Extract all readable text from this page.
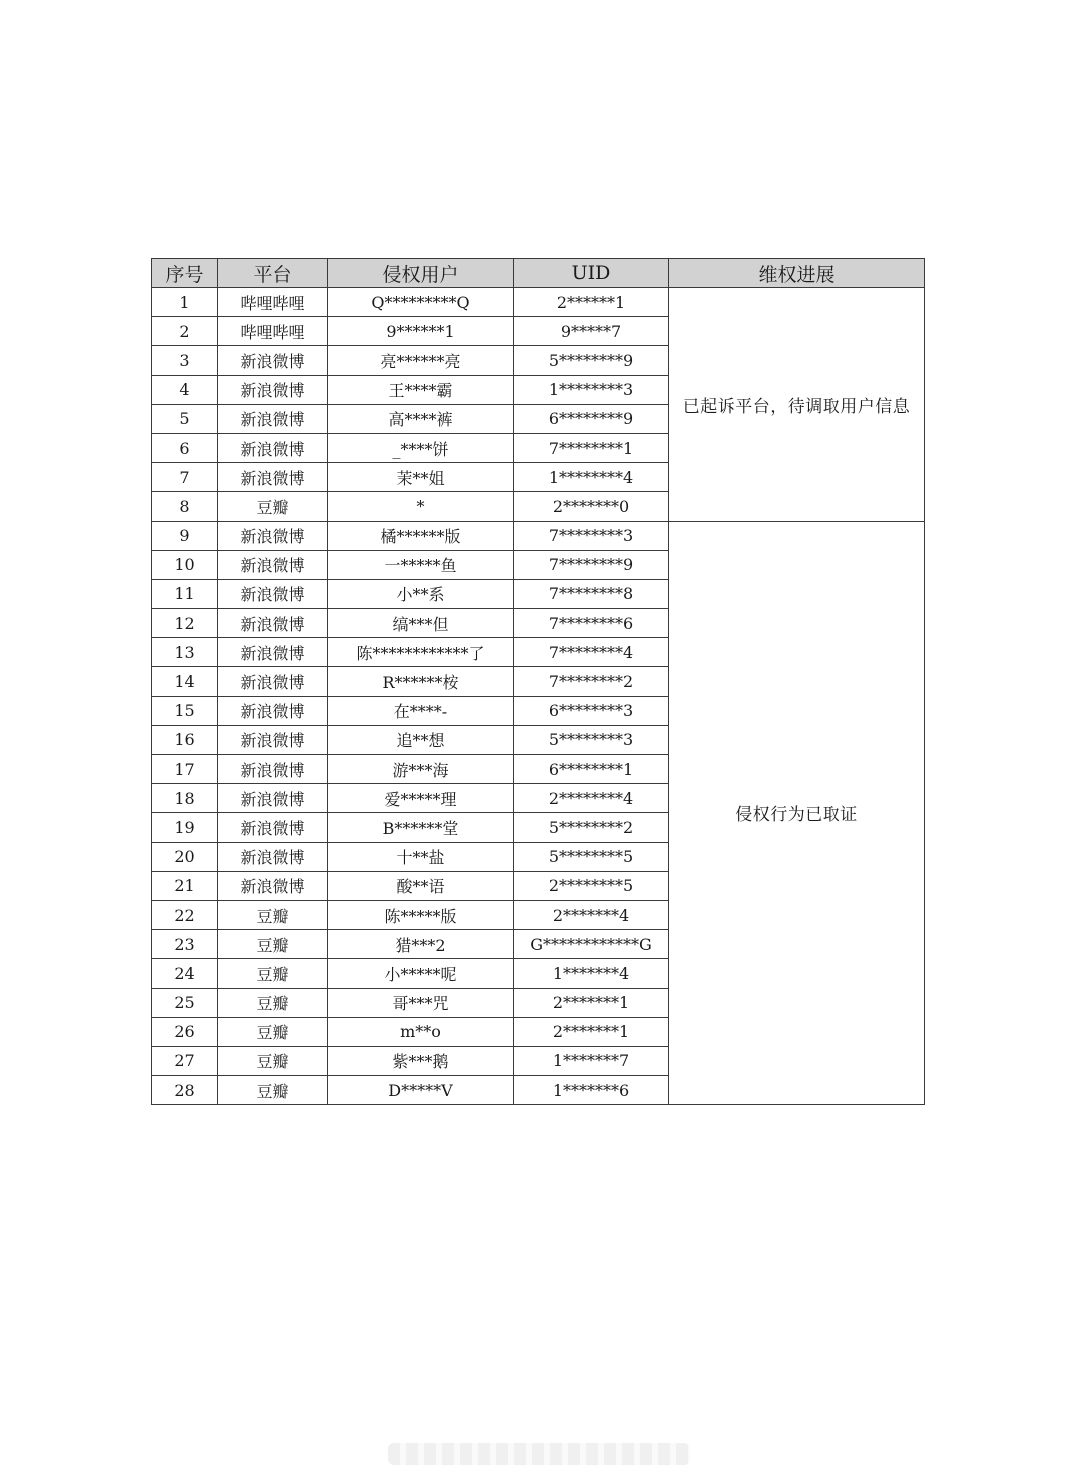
序号	平台	侵权用户	UID	维权进展
1	哔哩哔哩	Q*********Q	2******1	已起诉平台，待调取用户信息
2	哔哩哔哩	9******1	9*****7	
3	新浪微博	亮******亮	5********9	
4	新浪微博	王****霸	1********3	
5	新浪微博	高****裤	6********9	
6	新浪微博	_****饼	7********1	
7	新浪微博	茉**姐	1********4	
8	豆瓣	*	2*******0	
9	新浪微博	橘******版	7********3	侵权行为已取证
10	新浪微博	一*****鱼	7********9	
11	新浪微博	小**系	7********8	
12	新浪微博	缟***但	7********6	
13	新浪微博	陈************了	7********4	
14	新浪微博	R******桉	7********2	
15	新浪微博	在****-	6********3	
16	新浪微博	追**想	5********3	
17	新浪微博	游***海	6********1	
18	新浪微博	爱*****理	2********4	
19	新浪微博	B******堂	5********2	
20	新浪微博	十**盐	5********5	
21	新浪微博	酸**语	2********5	
22	豆瓣	陈*****版	2*******4	
23	豆瓣	猎***2	G************G	
24	豆瓣	小*****呢	1*******4	
25	豆瓣	哥***咒	2*******1	
26	豆瓣	m**o	2*******1	
27	豆瓣	紫***鹅	1*******7	
28	豆瓣	D*****V	1*******6	
